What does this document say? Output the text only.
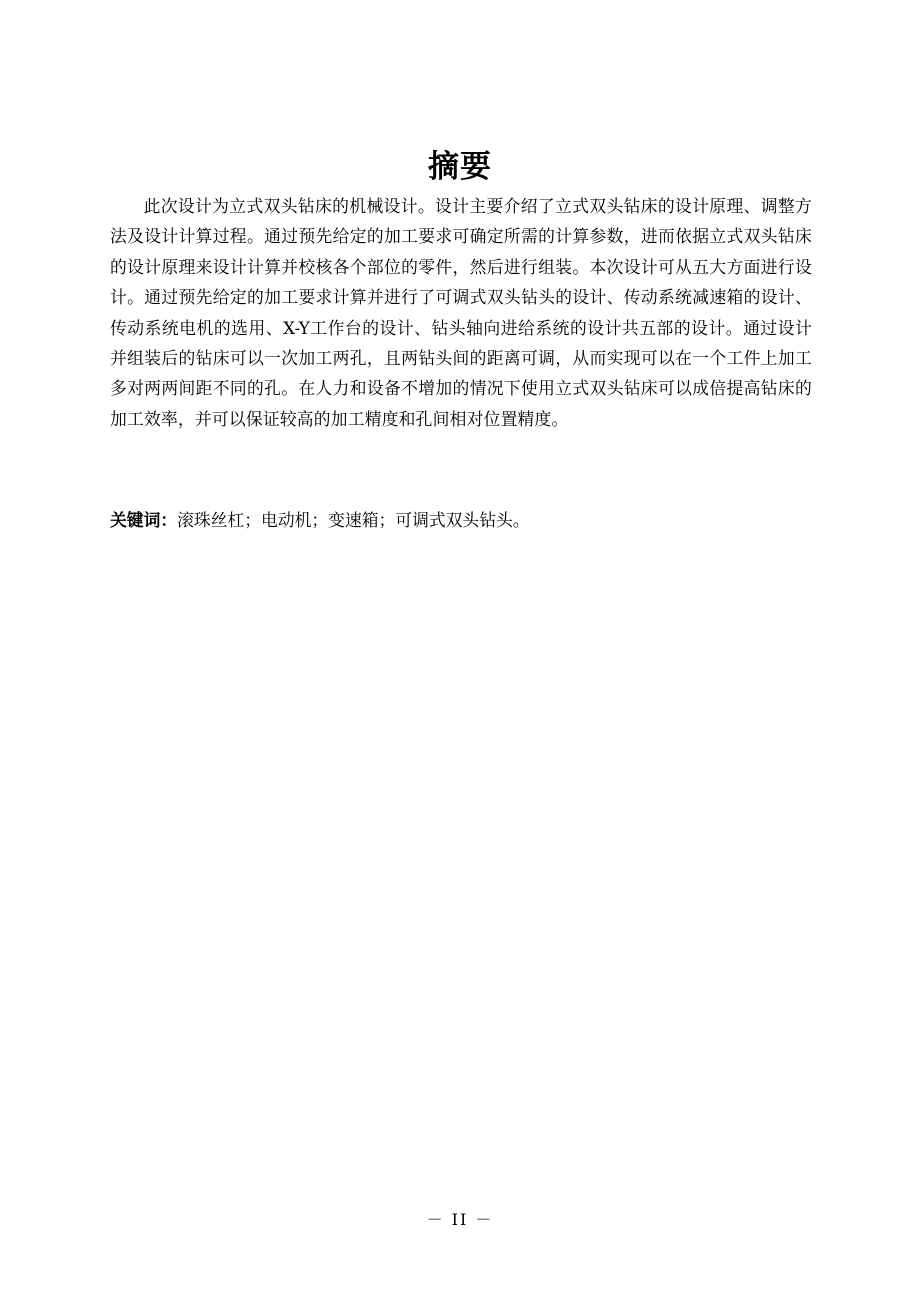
摘要

此次设计为立式双头钻床的机械设计。设计主要介绍了立式双头钻床的设计原理、调整方法及设计计算过程。通过预先给定的加工要求可确定所需的计算参数，进而依据立式双头钻床的设计原理来设计计算并校核各个部位的零件，然后进行组装。本次设计可从五大方面进行设计。通过预先给定的加工要求计算并进行了可调式双头钻头的设计、传动系统减速箱的设计、传动系统电机的选用、X-Y工作台的设计、钻头轴向进给系统的设计共五部的设计。通过设计并组装后的钻床可以一次加工两孔，且两钻头间的距离可调，从而实现可以在一个工件上加工多对两两间距不同的孔。在人力和设备不增加的情况下使用立式双头钻床可以成倍提高钻床的加工效率，并可以保证较高的加工精度和孔间相对位置精度。

关键词：滚珠丝杠；电动机；变速箱；可调式双头钻头。

－ II －
